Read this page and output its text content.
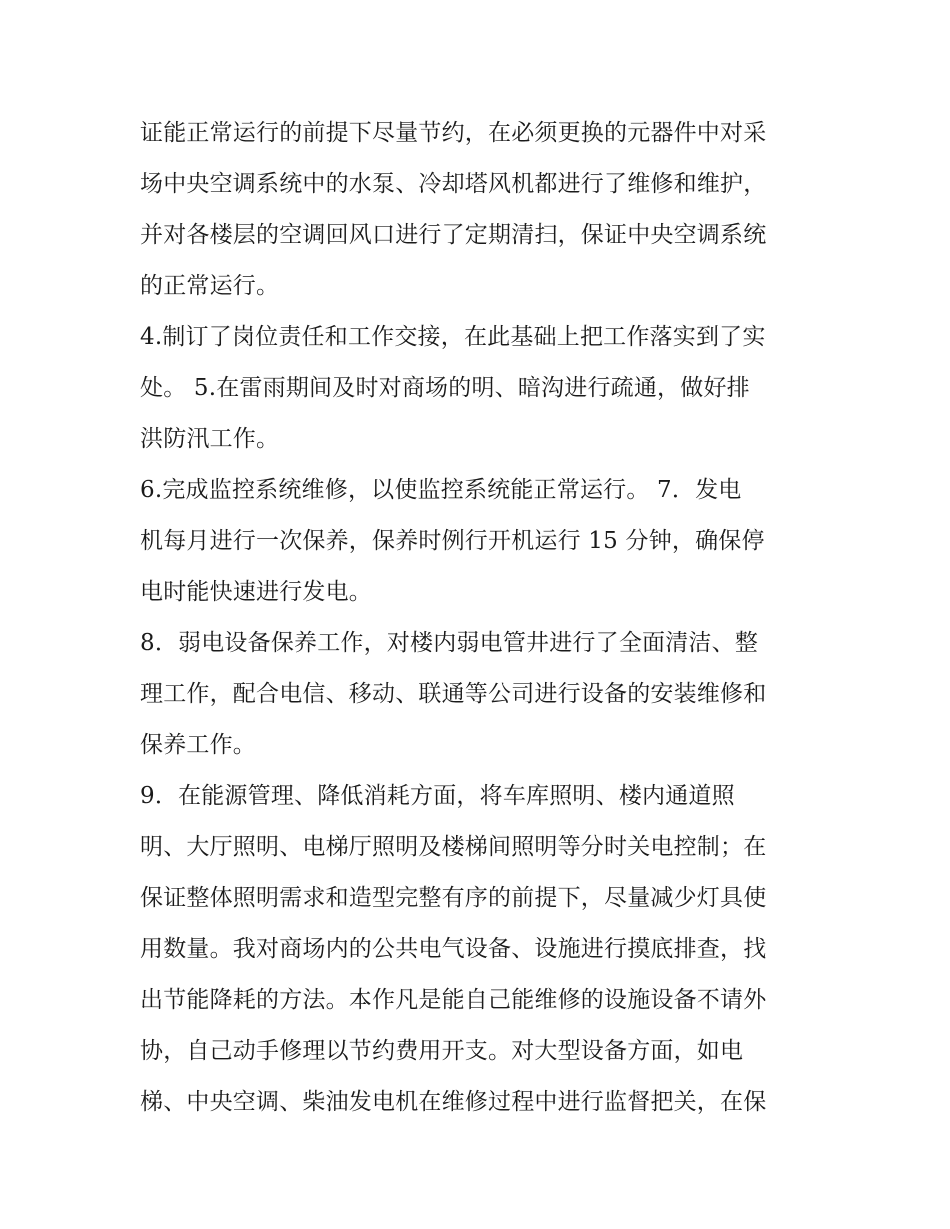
证能正常运行的前提下尽量节约，在必须更换的元器件中对采
场中央空调系统中的水泵、冷却塔风机都进行了维修和维护，
并对各楼层的空调回风口进行了定期清扫，保证中央空调系统
的正常运行。
4.制订了岗位责任和工作交接，在此基础上把工作落实到了实
处。 5.在雷雨期间及时对商场的明、暗沟进行疏通，做好排
洪防汛工作。
6.完成监控系统维修，以使监控系统能正常运行。 7．发电
机每月进行一次保养，保养时例行开机运行 15 分钟，确保停
电时能快速进行发电。
8．弱电设备保养工作，对楼内弱电管井进行了全面清洁、整
理工作，配合电信、移动、联通等公司进行设备的安装维修和
保养工作。
9．在能源管理、降低消耗方面，将车库照明、楼内通道照
明、大厅照明、电梯厅照明及楼梯间照明等分时关电控制；在
保证整体照明需求和造型完整有序的前提下，尽量减少灯具使
用数量。我对商场内的公共电气设备、设施进行摸底排查，找
出节能降耗的方法。本作凡是能自己能维修的设施设备不请外
协，自己动手修理以节约费用开支。对大型设备方面，如电
梯、中央空调、柴油发电机在维修过程中进行监督把关，在保
